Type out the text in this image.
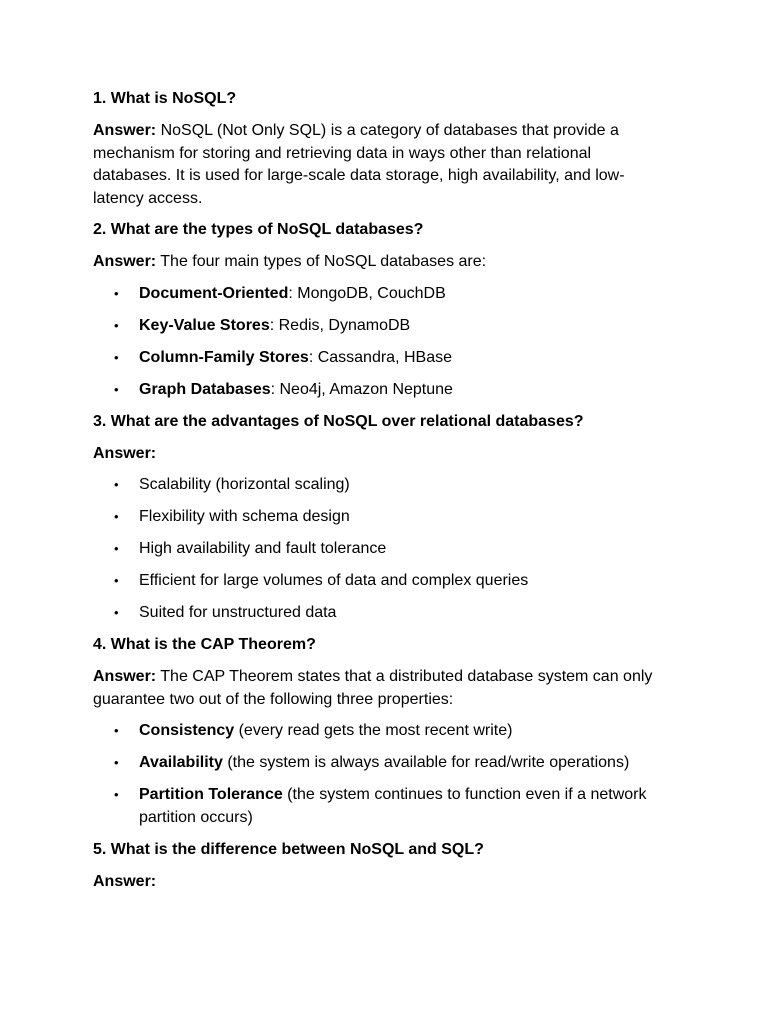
1. What is NoSQL?
Answer: NoSQL (Not Only SQL) is a category of databases that provide a mechanism for storing and retrieving data in ways other than relational databases. It is used for large-scale data storage, high availability, and low-latency access.
2. What are the types of NoSQL databases?
Answer: The four main types of NoSQL databases are:
• Document-Oriented: MongoDB, CouchDB
• Key-Value Stores: Redis, DynamoDB
• Column-Family Stores: Cassandra, HBase
• Graph Databases: Neo4j, Amazon Neptune
3. What are the advantages of NoSQL over relational databases?
Answer:
• Scalability (horizontal scaling)
• Flexibility with schema design
• High availability and fault tolerance
• Efficient for large volumes of data and complex queries
• Suited for unstructured data
4. What is the CAP Theorem?
Answer: The CAP Theorem states that a distributed database system can only guarantee two out of the following three properties:
• Consistency (every read gets the most recent write)
• Availability (the system is always available for read/write operations)
• Partition Tolerance (the system continues to function even if a network partition occurs)
5. What is the difference between NoSQL and SQL?
Answer:
